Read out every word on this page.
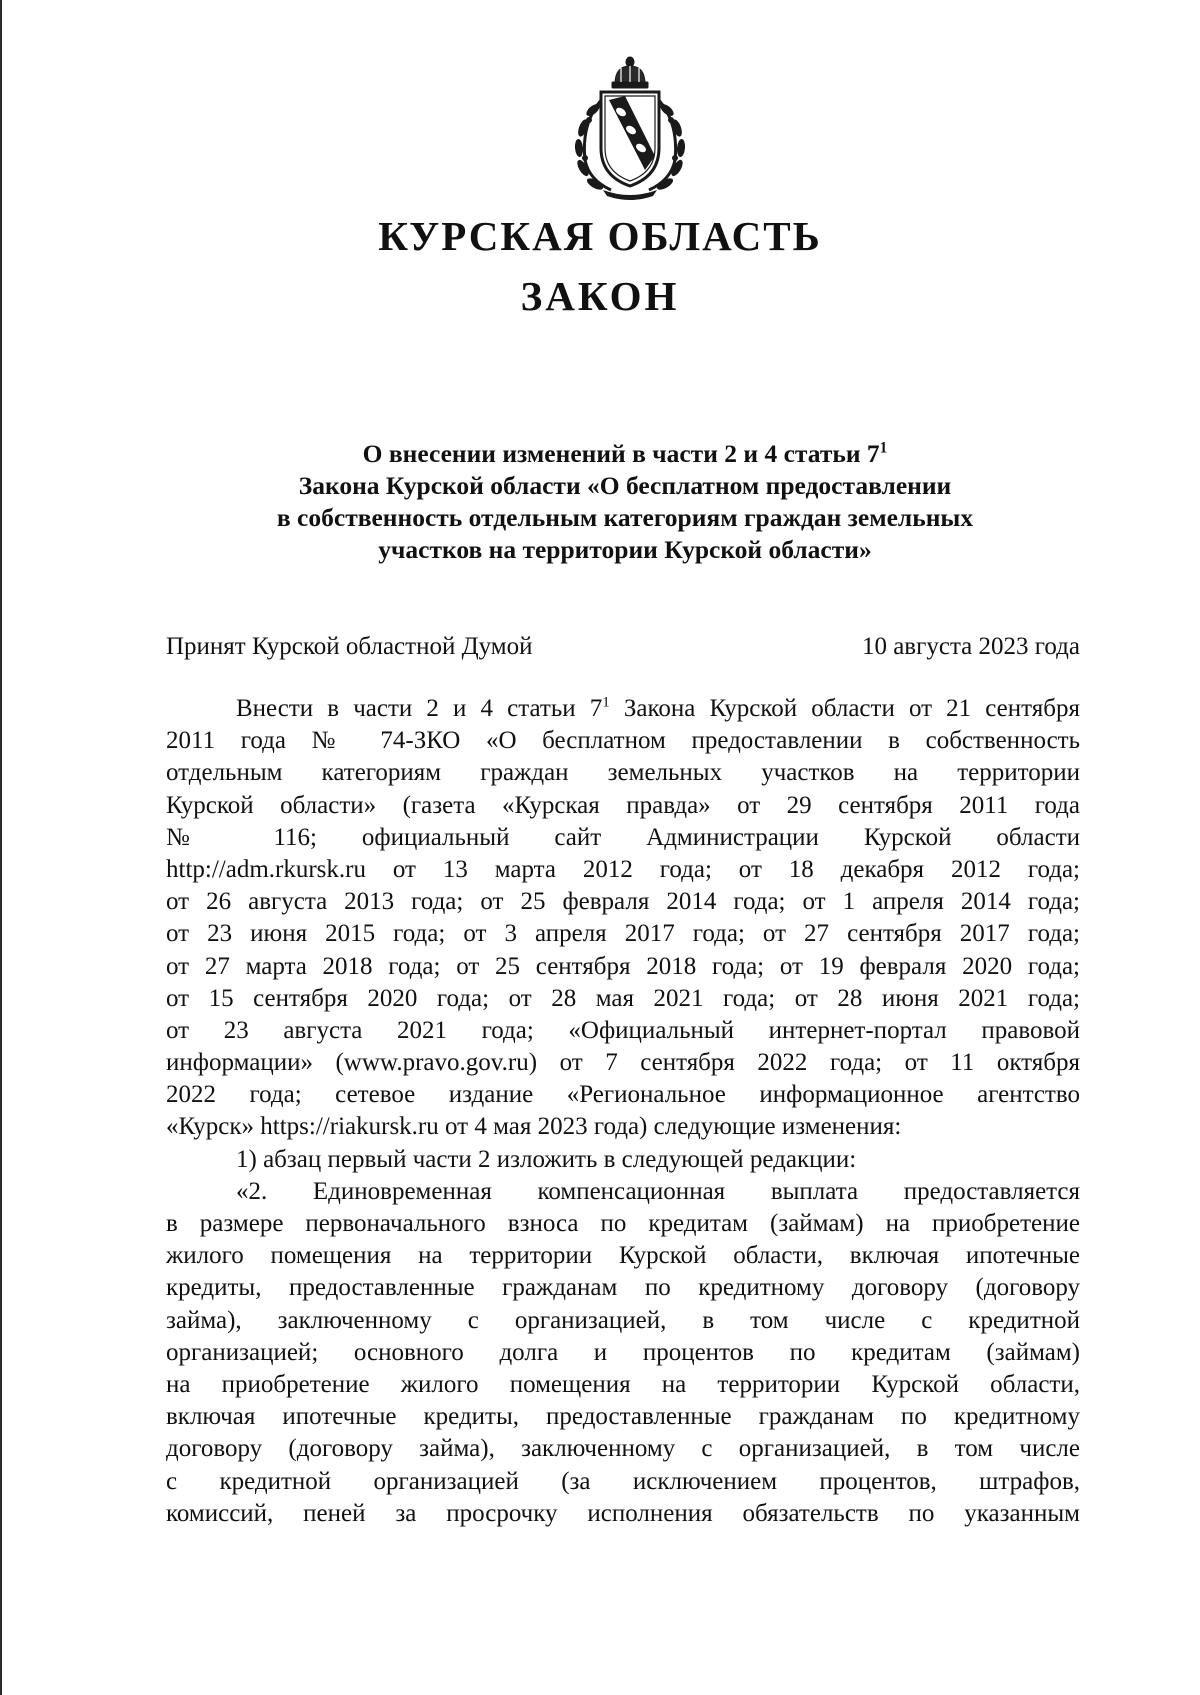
КУРСКАЯ ОБЛАСТЬ
ЗАКОН
О внесении изменений в части 2 и 4 статьи $7^1$
Закона Курской области «О бесплатном предоставлении
в собственность отдельным категориям граждан земельных
участков на территории Курской области»
Принят Курской областной Думой	10 августа 2023 года
Внести в части 2 и 4 статьи $7^1$ Закона Курской области от 21 сентября
2011 года № 74-ЗКО «О бесплатном предоставлении в собственность
отдельным категориям граждан земельных участков на территории
Курской области» (газета «Курская правда» от 29 сентября 2011 года
№ 116; официальный сайт Администрации Курской области
http://adm.rkursk.ru от 13 марта 2012 года; от 18 декабря 2012 года;
от 26 августа 2013 года; от 25 февраля 2014 года; от 1 апреля 2014 года;
от 23 июня 2015 года; от 3 апреля 2017 года; от 27 сентября 2017 года;
от 27 марта 2018 года; от 25 сентября 2018 года; от 19 февраля 2020 года;
от 15 сентября 2020 года; от 28 мая 2021 года; от 28 июня 2021 года;
от 23 августа 2021 года; «Официальный интернет-портал правовой
информации» (www.pravo.gov.ru) от 7 сентября 2022 года; от 11 октября
2022 года; сетевое издание «Региональное информационное агентство
«Курск» https://riakursk.ru от 4 мая 2023 года) следующие изменения:
1) абзац первый части 2 изложить в следующей редакции:
«2. Единовременная компенсационная выплата предоставляется
в размере первоначального взноса по кредитам (займам) на приобретение
жилого помещения на территории Курской области, включая ипотечные
кредиты, предоставленные гражданам по кредитному договору (договору
займа), заключенному с организацией, в том числе с кредитной
организацией; основного долга и процентов по кредитам (займам)
на приобретение жилого помещения на территории Курской области,
включая ипотечные кредиты, предоставленные гражданам по кредитному
договору (договору займа), заключенному с организацией, в том числе
с кредитной организацией (за исключением процентов, штрафов,
комиссий, пеней за просрочку исполнения обязательств по указанным
